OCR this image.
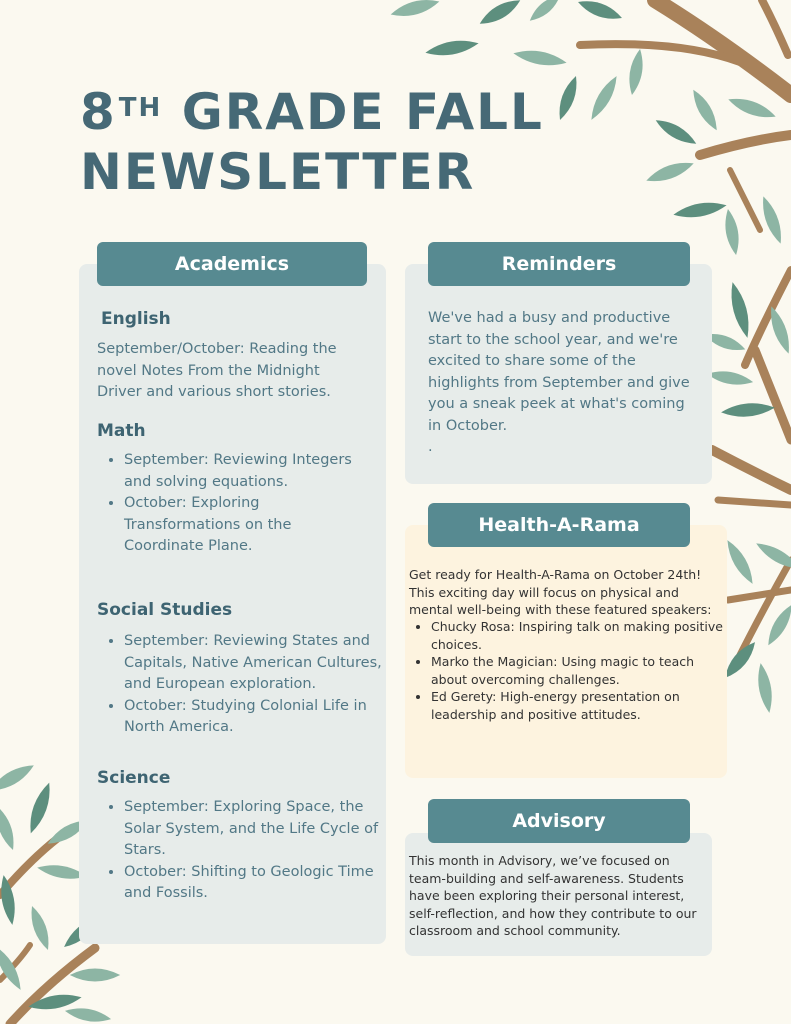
8TH GRADE FALL
NEWSLETTER
Academics
English

September/October: Reading the novel Notes From the Midnight Driver and various short stories.

Math
• September: Reviewing Integers and solving equations.
• October: Exploring Transformations on the Coordinate Plane.
Social Studies
• September: Reviewing States and Capitals, Native American Cultures, and European exploration.
• October: Studying Colonial Life in North America.
Science
• September: Exploring Space, the Solar System, and the Life Cycle of Stars.
• October: Shifting to Geologic Time and Fossils.
Reminders

We've had a busy and productive start to the school year, and we're excited to share some of the highlights from September and give you a sneak peek at what's coming in October.

.

Health-A-Rama

Get ready for Health-A-Rama on October 24th! This exciting day will focus on physical and mental well-being with these featured speakers:

• Chucky Rosa: Inspiring talk on making positive choices.
• Marko the Magician: Using magic to teach about overcoming challenges.
• Ed Gerety: High-energy presentation on leadership and positive attitudes.
Advisory

This month in Advisory, we’ve focused on team-building and self-awareness. Students have been exploring their personal interest, self-reflection, and how they contribute to our classroom and school community.
